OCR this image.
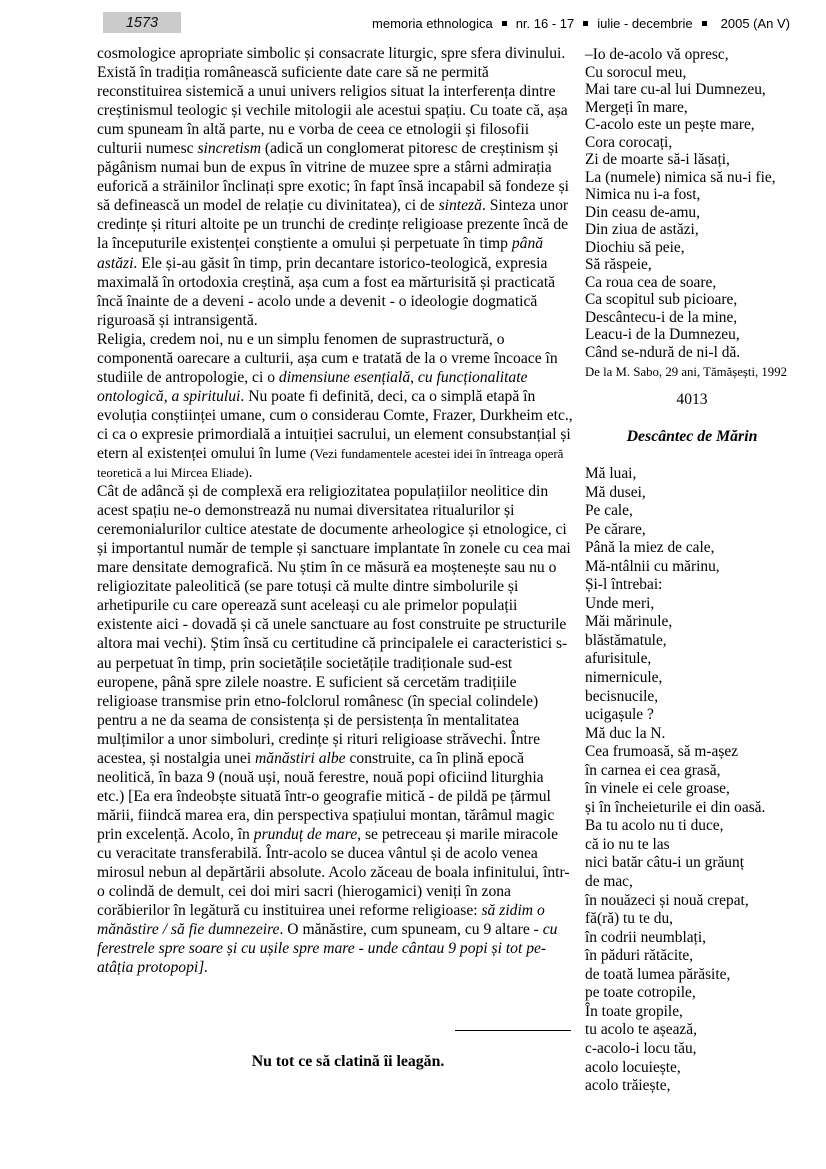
1573	memoria ethnologica nr. 16 - 17 iulie - decembrie 2005 (An V)

cosmologice apropriate simbolic și consacrate liturgic, spre sfera divinului. Există în tradiția românească suficiente date care să ne permită reconstituirea sistemică a unui univers religios situat la interferența dintre creștinismul teologic și vechile mitologii ale acestui spațiu. Cu toate că, așa cum spuneam în altă parte, nu e vorba de ceea ce etnologii și filosofii culturii numesc sincretism (adică un conglomerat pitoresc de creștinism și păgânism numai bun de expus în vitrine de muzee spre a stârni admirația euforică a străinilor înclinați spre exotic; în fapt însă incapabil să fondeze și să definească un model de relație cu divinitatea), ci de sinteză. Sinteza unor credințe și rituri altoite pe un trunchi de credințe religioase prezente încă de la începuturile existenței conștiente a omului și perpetuate în timp până astăzi. Ele și-au găsit în timp, prin decantare istorico-teologică, expresia maximală în ortodoxia creștină, așa cum a fost ea mărturisită și practicată încă înainte de a deveni - acolo unde a devenit - o ideologie dogmatică riguroasă și intransigentă.

Religia, credem noi, nu e un simplu fenomen de suprastructură, o componentă oarecare a culturii, așa cum e tratată de la o vreme încoace în studiile de antropologie, ci o dimensiune esențială, cu funcționalitate ontologică, a spiritului. Nu poate fi definită, deci, ca o simplă etapă în evoluția conștiinței umane, cum o considerau Comte, Frazer, Durkheim etc., ci ca o expresie primordială a intuiției sacrului, un element consubstanțial și etern al existenței omului în lume (Vezi fundamentele acestei idei în întreaga operă teoretică a lui Mircea Eliade).

Cât de adâncă și de complexă era religiozitatea populațiilor neolitice din acest spațiu ne-o demonstrează nu numai diversitatea ritualurilor și ceremonialurilor cultice atestate de documente arheologice și etnologice, ci și importantul număr de temple și sanctuare implantate în zonele cu cea mai mare densitate demografică. Nu știm în ce măsură ea moștenește sau nu o religiozitate paleolitică (se pare totuși că multe dintre simbolurile și arhetipurile cu care operează sunt aceleași cu ale primelor populații existente aici - dovadă și că unele sanctuare au fost construite pe structurile altora mai vechi). Știm însă cu certitudine că principalele ei caracteristici s-au perpetuat în timp, prin societățile societățile tradiționale sud-est europene, până spre zilele noastre. E suficient să cercetăm tradițiile religioase transmise prin etno-folclorul românesc (în special colindele) pentru a ne da seama de consistența și de persistența în mentalitatea mulțimilor a unor simboluri, credințe și rituri religioase străvechi. Între acestea, și nostalgia unei mănăstiri albe construite, ca în plină epocă neolitică, în baza 9 (nouă uși, nouă ferestre, nouă popi oficiind liturghia etc.) [Ea era îndeobște situată într-o geografie mitică - de pildă pe țărmul mării, fiindcă marea era, din perspectiva spațiului montan, tărâmul magic prin excelență. Acolo, în prunduț de mare, se petreceau și marile miracole cu veracitate transferabilă. Într-acolo se ducea vântul și de acolo venea mirosul nebun al depărtării absolute. Acolo zăceau de boala infinitului, într-o colindă de demult, cei doi miri sacri (hierogamici) veniți în zona corăbierilor în legătură cu instituirea unei reforme religioase: să zidim o mănăstire / să fie dumnezeire. O mănăstire, cum spuneam, cu 9 altare - cu ferestrele spre soare și cu ușile spre mare - unde cântau 9 popi și tot pe-atâția protopopi].

Nu tot ce să clatină îi leagăn.
–Io de-acolo vă opresc,
Cu sorocul meu,
Mai tare cu-al lui Dumnezeu,
Mergeți în mare,
C-acolo este un pește mare,
Cora corocați,
Zi de moarte să-i lăsați,
La (numele) nimica să nu-i fie,
Nimica nu i-a fost,
Din ceasu de-amu,
Din ziua de astăzi,
Diochiu să peie,
Să răspeie,
Ca roua cea de soare,
Ca scopitul sub picioare,
Descântecu-i de la mine,
Leacu-i de la Dumnezeu,
Când se-ndură de ni-l dă.
De la M. Sabo, 29 ani, Tămășești, 1992
4013
Descântec de Mărin
Mă luai,
Mă dusei,
Pe cale,
Pe cărare,
Până la miez de cale,
Mă-ntâlnii cu mărinu,
Și-l întrebai:
Unde meri,
Măi mărinule,
blăstămatule,
afurisitule,
nimernicule,
becisnucile,
ucigașule ?
Mă duc la N.
Cea frumoasă, să m-așez
în carnea ei cea grasă,
în vinele ei cele groase,
și în încheieturile ei din oasă.
Ba tu acolo nu ti duce,
că io nu te las
nici batăr câtu-i un grăunț
de mac,
în nouăzeci și nouă crepat,
fă(ră) tu te du,
în codrii neumblați,
în păduri rătăcite,
de toată lumea părăsite,
pe toate cotropile,
În toate gropile,
tu acolo te așează,
c-acolo-i locu tău,
acolo locuiește,
acolo trăiește,
